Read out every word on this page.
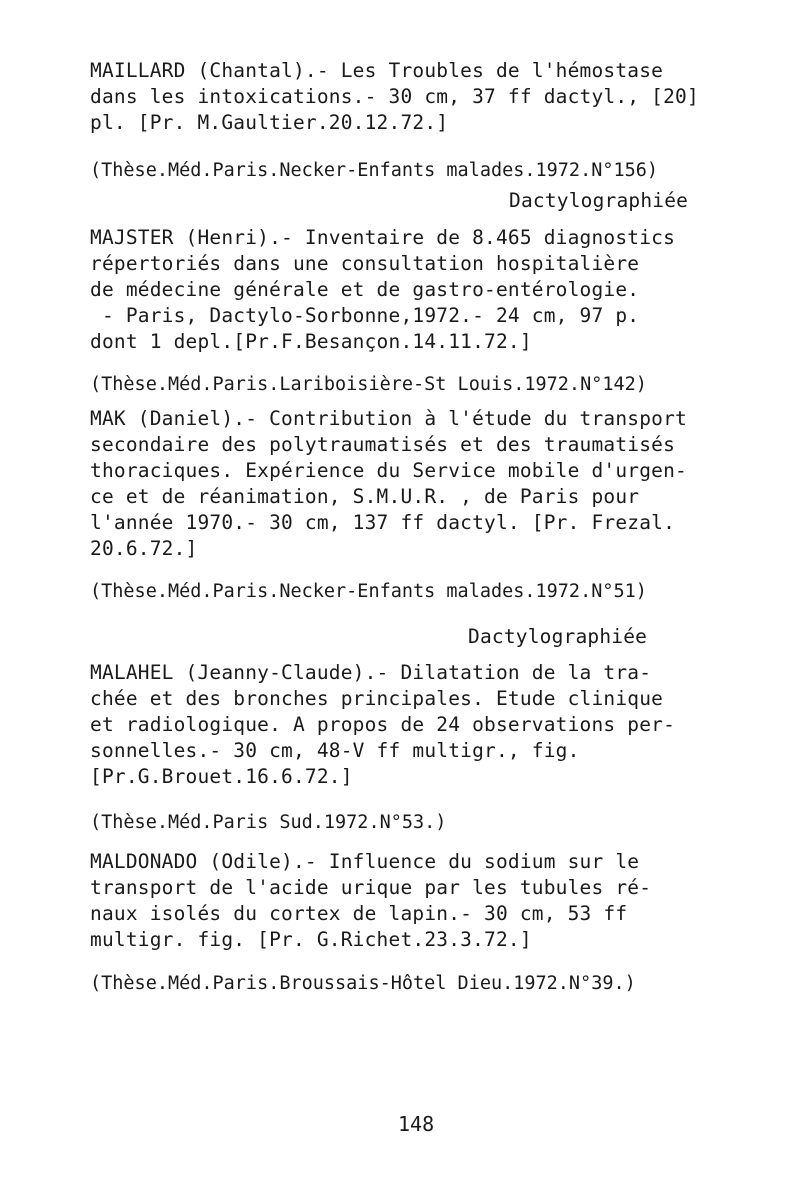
MAILLARD (Chantal).- Les Troubles de l'hémostase
dans les intoxications.- 30 cm, 37 ff dactyl., [20]
pl. [Pr. M.Gaultier.20.12.72.]
(Thèse.Méd.Paris.Necker-Enfants malades.1972.N°156)
Dactylographiée
MAJSTER (Henri).- Inventaire de 8.465 diagnostics
répertoriés dans une consultation hospitalière
de médecine générale et de gastro-entérologie.
- Paris, Dactylo-Sorbonne,1972.- 24 cm, 97 p.
dont 1 depl.[Pr.F.Besançon.14.11.72.]
(Thèse.Méd.Paris.Lariboisière-St Louis.1972.N°142)
MAK (Daniel).- Contribution à l'étude du transport
secondaire des polytraumatisés et des traumatisés
thoraciques. Expérience du Service mobile d'urgen-
ce et de réanimation, S.M.U.R. , de Paris pour
l'année 1970.- 30 cm, 137 ff dactyl. [Pr. Frezal.
20.6.72.]
(Thèse.Méd.Paris.Necker-Enfants malades.1972.N°51)
Dactylographiée
MALAHEL (Jeanny-Claude).- Dilatation de la tra-
chée et des bronches principales. Etude clinique
et radiologique. A propos de 24 observations per-
sonnelles.- 30 cm, 48-V ff multigr., fig.
[Pr.G.Brouet.16.6.72.]
(Thèse.Méd.Paris Sud.1972.N°53.)
MALDONADO (Odile).- Influence du sodium sur le
transport de l'acide urique par les tubules ré-
naux isolés du cortex de lapin.- 30 cm, 53 ff
multigr. fig. [Pr. G.Richet.23.3.72.]
(Thèse.Méd.Paris.Broussais-Hôtel Dieu.1972.N°39.)
148
